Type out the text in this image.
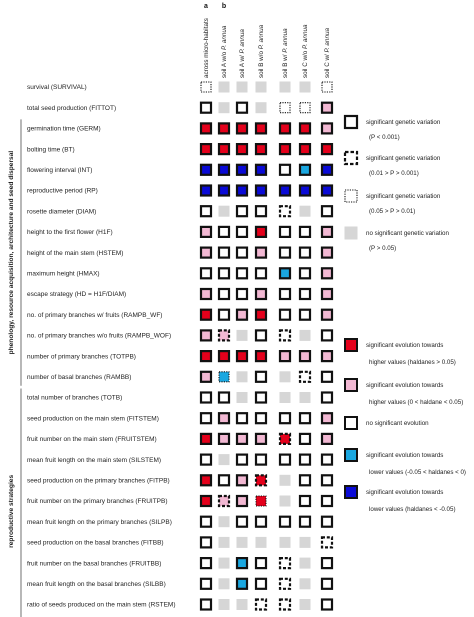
a b
across micro-habitats soil A w/o P. annua
soil A w/ P. annua
soil B w/o P. annua
soil B w/ P. annua
soil C w/o P. annua
soil C w/ P. annua
survival (SURVIVAL)
total seed production (FITTOT)
germination time (GERM)
bolting time (BT)
flowering interval (INT)
reproductive period (RP)
rosette diameter (DIAM)
height to the first flower (H1F)
height of the main stem (HSTEM)
maximum height (HMAX)
escape strategy (HD = H1F/DIAM)
no. of primary branches w/ fruits (RAMPB_WF)
no. of primary branches w/o fruits (RAMPB_WOF)
number of primary branches (TOTPB)
number of basal branches (RAMBB)
total number of branches (TOTB)
seed production on the main stem (FITSTEM)
fruit number on the main stem (FRUITSTEM)
mean fruit length on the main stem (SILSTEM)
seed production on the primary branches (FITPB)
fruit number on the primary branches (FRUITPB)
mean fruit length on the primary branches (SILPB)
seed production on the basal branches (FITBB)
fruit number on the basal branches (FRUITBB)
mean fruit length on the basal branches (SILBB)
ratio of seeds produced on the main stem (RSTEM)
phenology, resource acquisition, architecture and seed dispersal
reproductive strategies
significant genetic variation
(P < 0.001)
significant genetic variation
(0.01 > P > 0.001)
significant genetic variation
(0.05 > P > 0.01)
no significant genetic variation
(P > 0.05)
significant evolution towards
higher values (haldanes > 0.05)
significant evolution towards
higher values (0 < haldane < 0.05)
no significant evolution
significant evolution towards
lower values (-0.05 < haldanes < 0)
significant evolution towards
lower values (haldanes < -0.05)
